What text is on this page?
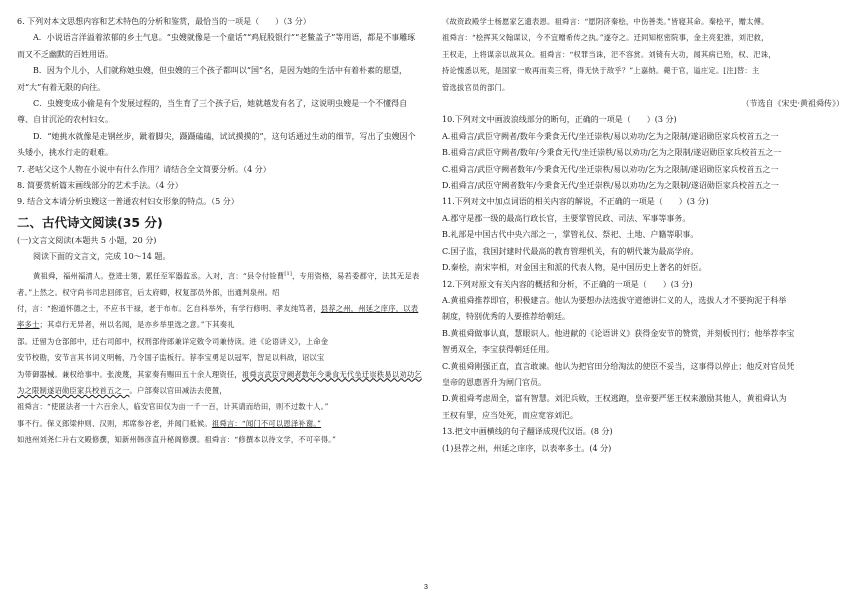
6. 下列对本文思想内容和艺术特色的分析和鉴赏，最恰当的一项是（　　）（3 分）

A．小说语言洋溢着浓郁的乡土气息。“虫嫂就像是一个童话”“鸡屁股银行”“老鳖盖子”等用语，都是不事雕琢而又不乏幽默的百姓用语。

B．因为个儿小，人们就称她虫嫂，但虫嫂的三个孩子都叫以“国”名，是因为她的生活中有着朴素的愿望，对“大”有着无限的向往。

C．虫嫂变成小偷是有个发展过程的，当生育了三个孩子后，她就越发有名了，这说明虫嫂是一个不懂得自尊、自甘沉沦的农村妇女。

D．“她挑水就像是走钢丝步，跐着脚尖，蹑蹑磕磕，试试摸摸的”，这句话通过生动的细节，写出了虫嫂因个头矮小，挑水行走的艰难。

7. 老咕父这个人物在小说中有什么作用？请结合全文简要分析。（4 分）

8. 简要赏析篇末画线部分的艺术手法。（4 分）

9. 结合文本请分析虫嫂这一普通农村妇女形象的特点。（5 分）

二、古代诗文阅读(35 分)

(一)文言文阅读(本题共 5 小题，20 分)

阅读下面的文言文，完成 10～14 题。

黄祖舜，福州福清人。登进士第，累任至军器监丞。入对，言：“县令付铨曹[1]，专用资格，易若委郡守，法其无足表者。”上然之。权守尚书司忠回郎官，后太府卿，权复部员外郎，出通判泉州。绍

付，言：“抱道怀德之士，不应书干禄，老于布布。乞自科举外，有学行修明、孝友纯笃者，县荐之州，州延之庠序，以表率多士；其卓行无异者，州以名闻，是亦乡举里选之意。”下其奏礼

部。迁留为仓部郎中，迁右司郎中，权刑部侍郎兼详定敕令司兼侍读。进《论语讲义》，上命金

安节校勘，安节言其书词义明畅，乃令国子监板行。荐李宝勇足以冠军，智足以料敌，诏以宝

为带御器械。兼权给事中。张浚蔑，其家奏有赐田五十余人理资任，祖舜言武臣守阙者数年今秉食无代坐迁崇秩易以劝功乞为之限制遂诏勋臣家兵校首五之一。户部奏以官田减法去使置，

祖舜言：“使匿法者一十六百余人，临安官田仅为亩一千一百，计其请而给田，则不过数十人。”

事不行。保义郎梁仲则、汉则，邦席参谷老，并闻门祗候。祖舜言：“闻门不可以恩泽补谢。”

如池州刘尧仁升右文殿修撰，知新州韩彦直升秘阁修撰。祖舜言：“修撰本以待文学，不可辛得。”

《故资政殿学士杨愿家乞遗表恩。祖舜言：“愿阴济秦桧，中伤善类。”皆寝其命。秦桧平，赠太傅。

祖舜言：“桧挥其父翰谋议，今不宜赠希传之执。”遂夺之。迁同知枢密院事，金主亮犯淮，刘汜救，

王权走，上将谋亲以战其众。祖舜言：“权罪当诛，汜不容赏。刘锜有大功，闻其病已殆，权、汜诛，

持论愧悉以死，是国家一败再而卖三将，得无快于敌乎？”上嘉纳。薨于官，谥庄定。[注]替：主

管选拔官员的部门。

（节选自《宋史·黄祖舜传》）

10.下列对文中画波浪线部分的断句，正确的一项是（　　）(3 分)

A.祖舜言/武臣守阙者/数年今秉食无代/坐迁崇秩/易以劝功/乞为之限制/遂诏勋臣家兵校首五之一

B.祖舜言/武臣守阙者/数年/今秉食无代/坐迁崇秩/易以劝功/乞为之限制/遂诏勋臣家兵校首五之一

C.祖舜言/武臣守阙者数年/今秉食无代/坐迁崇秩/易以劝功/乞为之限制/遂诏勋臣家兵校首五之一

D.祖舜言/武臣守阙者数年/今秉食无代/坐迁崇秩/易以劝功/乞为之限制/遂诏勋臣家兵校首五之一

11.下列对文中加点词语的相关内容的解说，不正确的一项是（　　）(3 分)

A.郡守是郡一级的最高行政长官，主要掌管民政、司法、军事等事务。

B.礼部是中国古代中央六部之一，掌管礼仪、祭祀、土地、户籍等职事。

C.国子监，我国封建时代最高的教育管理机关，有的朝代兼为最高学府。

D.秦桧，南宋宰相，对金国主和派的代表人物，是中国历史上著名的奸臣。

12.下列对原文有关内容的概括和分析，不正确的一项是（　　）(3 分)

A.黄祖舜推荐即官，积极建言。他认为要想办法选拔守道德讲仁义的人，选拔人才不要拘泥于科举

制度，特别优秀的人要推荐给朝廷。

B.黄祖舜做事认真，慧眼识人。他进献的《论语讲义》获得金安节的赞赏，并刻板刊行；他举荐李宝

智勇双全，李宝获得朝廷任用。

C.黄祖舜刚强正直，直言敢谏。他认为把官田分给淘汰的使臣不妥当，这事得以停止；他反对官员凭

皇帝的恩惠晋升为闸门官员。

D.黄祖舜考虑周全，富有智慧。刘汜兵败，王权逃跑，皇帝要严惩王权来激励其他人，黄祖舜认为

王权有罪，应当处死，而应宽容刘汜。

13.把文中画横线的句子翻译成现代汉语。(8 分)

(1)县荐之州，州延之庠序，以表率多士。(4 分)

3
